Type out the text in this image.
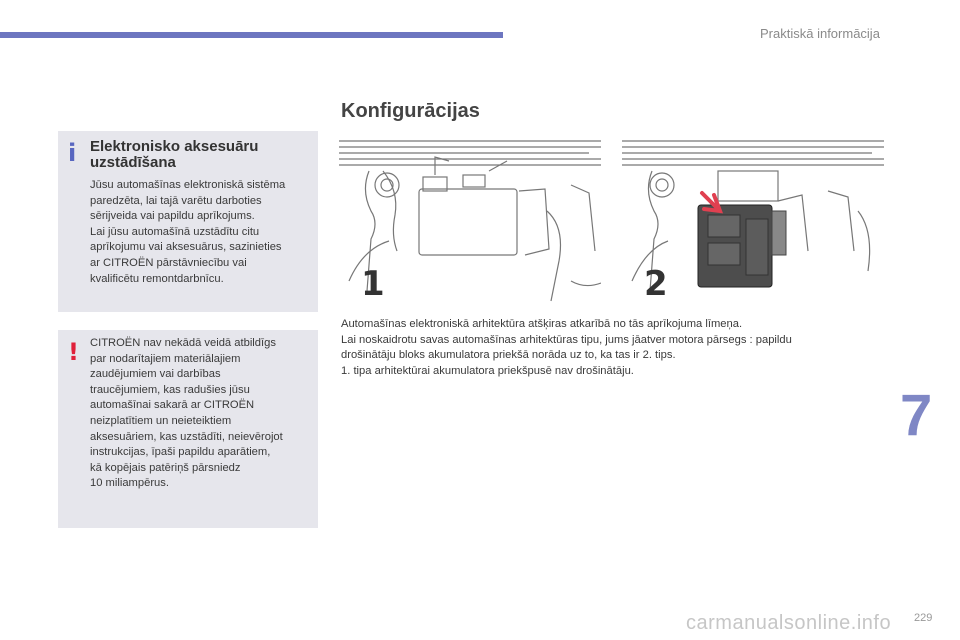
Praktiskā informācija
i Elektronisko aksesuāru
uzstādīšana
Jūsu automašīnas elektroniskā sistēma
paredzēta, lai tajā varētu darboties
sērijveida vai papildu aprīkojums.
Lai jūsu automašīnā uzstādītu citu
aprīkojumu vai aksesuārus, sazinieties
ar CITROËN pārstāvniecību vai
kvalificētu remontdarbnīcu.
! CITROËN nav nekādā veidā atbildīgs
par nodarītajiem materiālajiem
zaudējumiem vai darbības
traucējumiem, kas radušies jūsu
automašīnai sakarā ar CITROËN
neizplatītiem un neieteiktiem
aksesuāriem, kas uzstādīti, neievērojot
instrukcijas, īpaši papildu aparātiem,
kā kopējais patēriņš pārsniedz
10 miliampērus.
Konfigurācijas
1	2
Automašīnas elektroniskā arhitektūra atšķiras atkarībā no tās aprīkojuma līmeņa.
Lai noskaidrotu savas automašīnas arhitektūras tipu, jums jāatver motora pārsegs : papildu
drošinātāju bloks akumulatora priekšā norāda uz to, ka tas ir 2. tips.
1. tipa arhitektūrai akumulatora priekšpusē nav drošinātāju.
7
carmanualsonline.info 229
